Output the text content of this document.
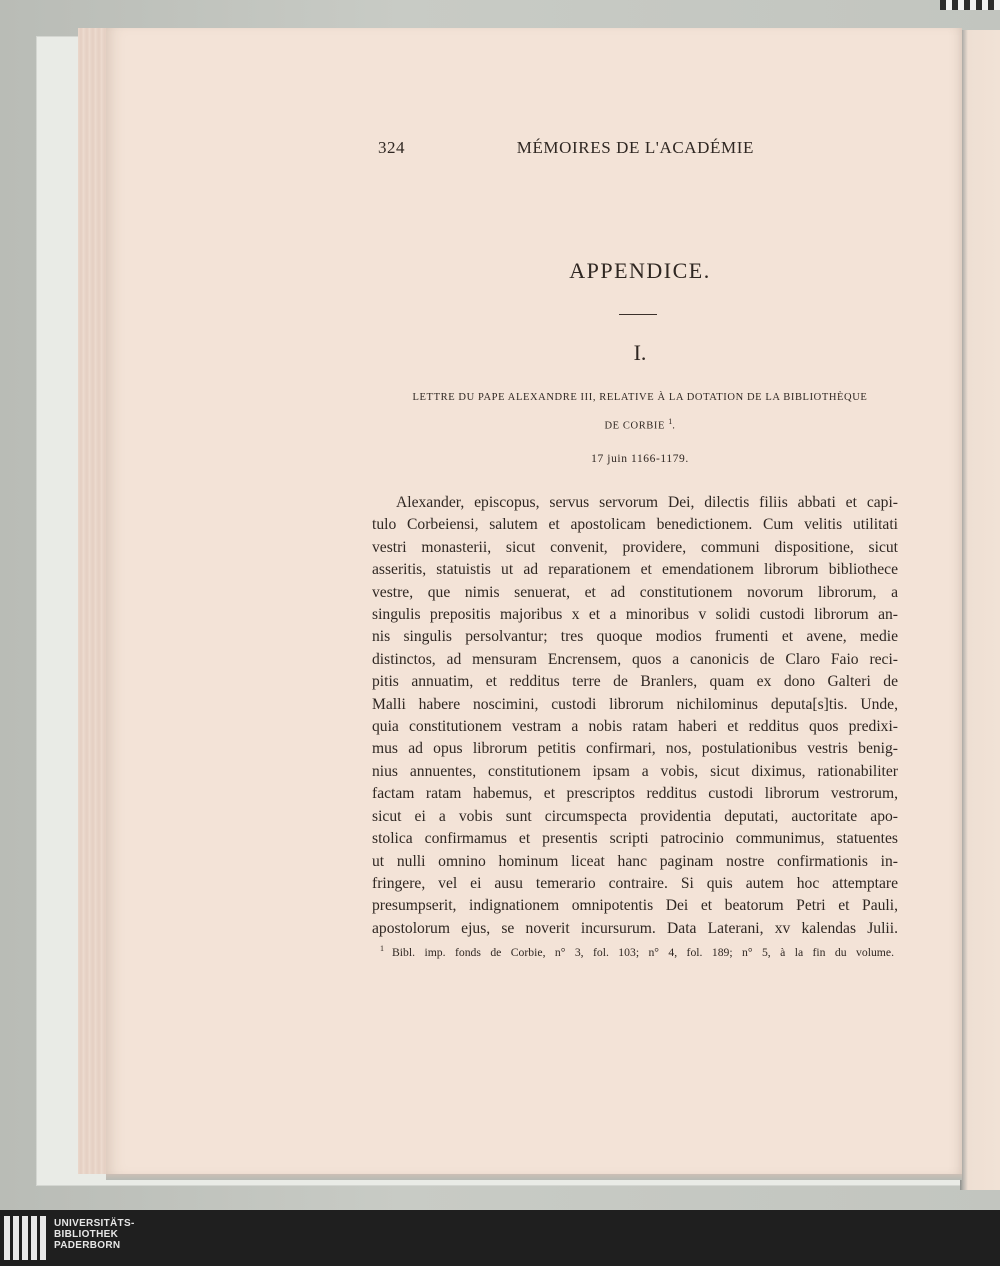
324	MÉMOIRES DE L'ACADÉMIE
APPENDICE.
I.
LETTRE DU PAPE ALEXANDRE III, RELATIVE À LA DOTATION DE LA BIBLIOTHÈQUE
DE CORBIE $^1$.
17 juin 1166-1179.
Alexander, episcopus, servus servorum Dei, dilectis filiis abbati et capi-
tulo Corbeiensi, salutem et apostolicam benedictionem. Cum velitis utilitati
vestri monasterii, sicut convenit, providere, communi dispositione, sicut
asseritis, statuistis ut ad reparationem et emendationem librorum bibliothece
vestre, que nimis senuerat, et ad constitutionem novorum librorum, a
singulis prepositis majoribus x et a minoribus v solidi custodi librorum an-
nis singulis persolvantur; tres quoque modios frumenti et avene, medie
distinctos, ad mensuram Encrensem, quos a canonicis de Claro Faio reci-
pitis annuatim, et redditus terre de Branlers, quam ex dono Galteri de
Malli habere noscimini, custodi librorum nichilominus deputa[s]tis. Unde,
quia constitutionem vestram a nobis ratam haberi et redditus quos predixi-
mus ad opus librorum petitis confirmari, nos, postulationibus vestris benig-
nius annuentes, constitutionem ipsam a vobis, sicut diximus, rationabiliter
factam ratam habemus, et prescriptos redditus custodi librorum vestrorum,
sicut ei a vobis sunt circumspecta providentia deputati, auctoritate apo-
stolica confirmamus et presentis scripti patrocinio communimus, statuentes
ut nulli omnino hominum liceat hanc paginam nostre confirmationis in-
fringere, vel ei ausu temerario contraire. Si quis autem hoc attemptare
presumpserit, indignationem omnipotentis Dei et beatorum Petri et Pauli,
apostolorum ejus, se noverit incursurum. Data Laterani, xv kalendas Julii.
$^1$ Bibl. imp. fonds de Corbie, n° 3, fol. 103; n° 4, fol. 189; n° 5, à la fin du volume.
UNIVERSITÄTS-
BIBLIOTHEK
PADERBORN
